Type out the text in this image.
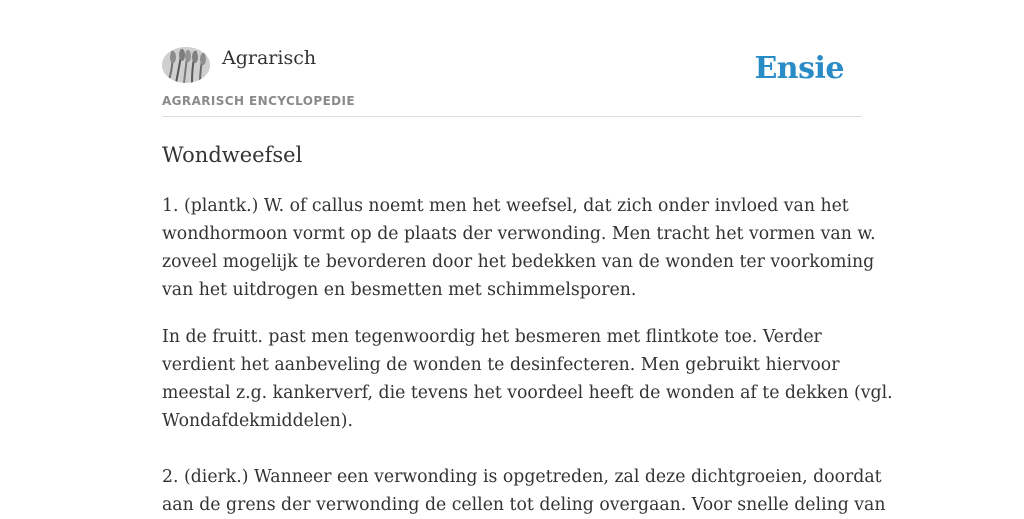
Agrarisch	Ensie
AGRARISCH ENCYCLOPEDIE
Wondweefsel

1. (plantk.) W. of callus noemt men het weefsel, dat zich onder invloed van het
wondhormoon vormt op de plaats der verwonding. Men tracht het vormen van w.
zoveel mogelijk te bevorderen door het bedekken van de wonden ter voorkoming
van het uitdrogen en besmetten met schimmelsporen.

In de fruitt. past men tegenwoordig het besmeren met flintkote toe. Verder
verdient het aanbeveling de wonden te desinfecteren. Men gebruikt hiervoor
meestal z.g. kankerverf, die tevens het voordeel heeft de wonden af te dekken (vgl.
Wondafdekmiddelen).

2. (dierk.) Wanneer een verwonding is opgetreden, zal deze dichtgroeien, doordat
aan de grens der verwonding de cellen tot deling overgaan. Voor snelle deling van
